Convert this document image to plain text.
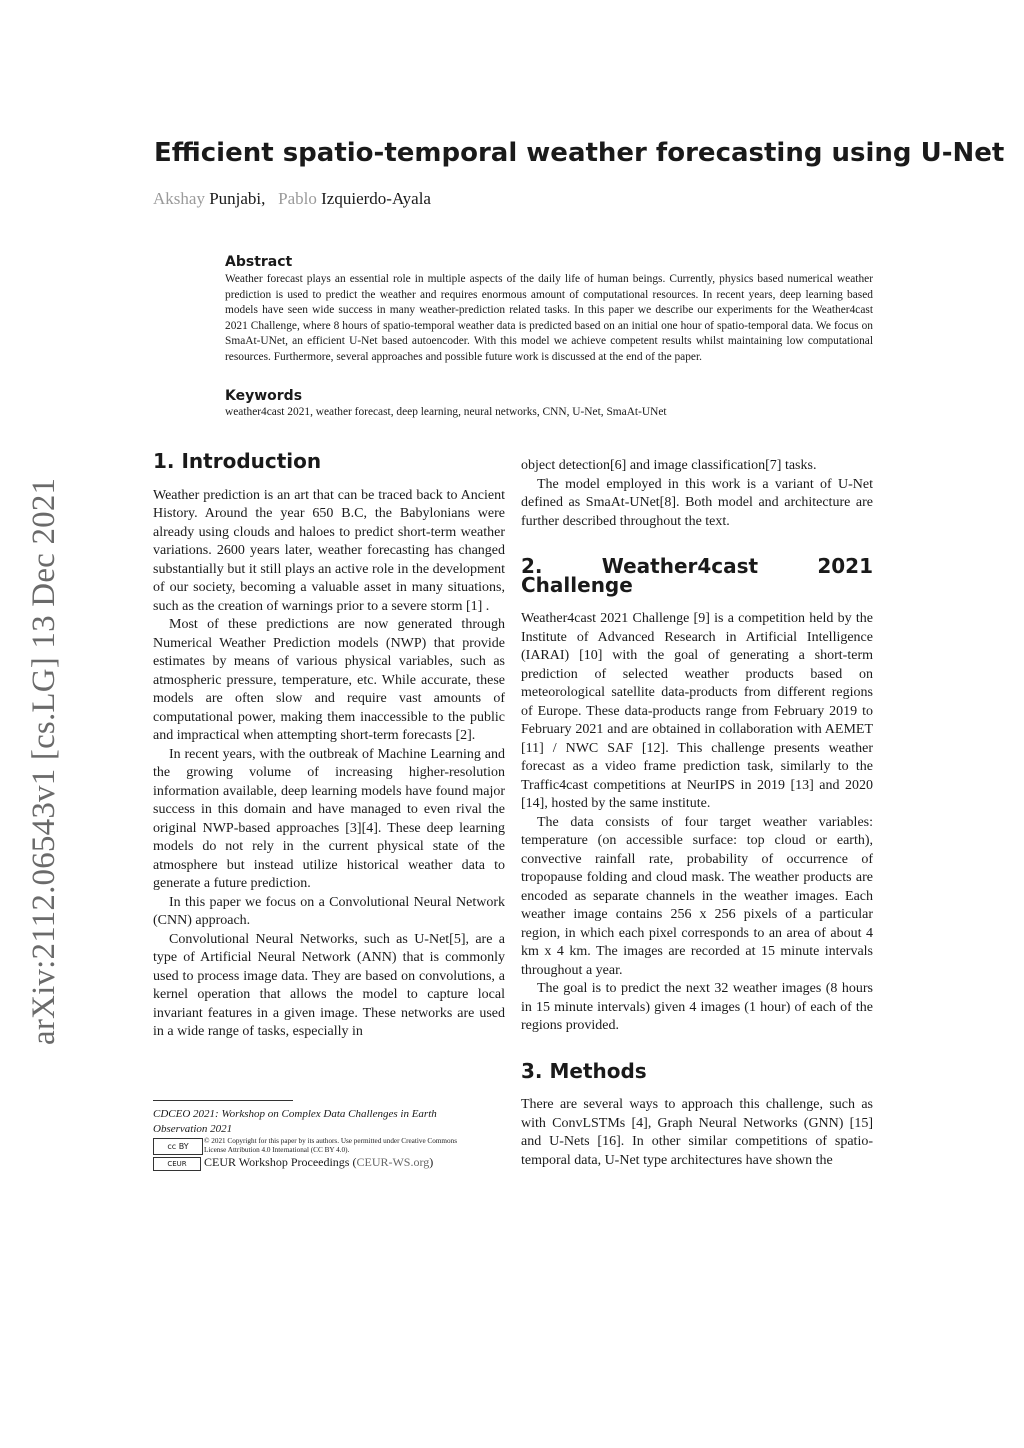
arXiv:2112.06543v1 [cs.LG] 13 Dec 2021
Efficient spatio-temporal weather forecasting using U-Net
Akshay Punjabi, Pablo Izquierdo-Ayala
Abstract

Weather forecast plays an essential role in multiple aspects of the daily life of human beings. Currently, physics based numerical weather prediction is used to predict the weather and requires enormous amount of computational resources. In recent years, deep learning based models have seen wide success in many weather-prediction related tasks. In this paper we describe our experiments for the Weather4cast 2021 Challenge, where 8 hours of spatio-temporal weather data is predicted based on an initial one hour of spatio-temporal data. We focus on SmaAt-UNet, an efficient U-Net based autoencoder. With this model we achieve competent results whilst maintaining low computational resources. Furthermore, several approaches and possible future work is discussed at the end of the paper.

Keywords

weather4cast 2021, weather forecast, deep learning, neural networks, CNN, U-Net, SmaAt-UNet

1. Introduction

Weather prediction is an art that can be traced back to Ancient History. Around the year 650 B.C, the Babylonians were already using clouds and haloes to predict short-term weather variations. 2600 years later, weather forecasting has changed substantially but it still plays an active role in the development of our society, becoming a valuable asset in many situations, such as the creation of warnings prior to a severe storm [1] .

Most of these predictions are now generated through Numerical Weather Prediction models (NWP) that provide estimates by means of various physical variables, such as atmospheric pressure, temperature, etc. While accurate, these models are often slow and require vast amounts of computational power, making them inaccessible to the public and impractical when attempting short-term forecasts [2].

In recent years, with the outbreak of Machine Learning and the growing volume of increasing higher-resolution information available, deep learning models have found major success in this domain and have managed to even rival the original NWP-based approaches [3][4]. These deep learning models do not rely in the current physical state of the atmosphere but instead utilize historical weather data to generate a future prediction.

In this paper we focus on a Convolutional Neural Network (CNN) approach.

Convolutional Neural Networks, such as U-Net[5], are a type of Artificial Neural Network (ANN) that is commonly used to process image data. They are based on convolutions, a kernel operation that allows the model to capture local invariant features in a given image. These networks are used in a wide range of tasks, especially in

object detection[6] and image classification[7] tasks.

The model employed in this work is a variant of U-Net defined as SmaAt-UNet[8]. Both model and architecture are further described throughout the text.

2. Weather4cast 2021 Challenge

Weather4cast 2021 Challenge [9] is a competition held by the Institute of Advanced Research in Artificial Intelligence (IARAI) [10] with the goal of generating a short-term prediction of selected weather products based on meteorological satellite data-products from different regions of Europe. These data-products range from February 2019 to February 2021 and are obtained in collaboration with AEMET [11] / NWC SAF [12]. This challenge presents weather forecast as a video frame prediction task, similarly to the Traffic4cast competitions at NeurIPS in 2019 [13] and 2020 [14], hosted by the same institute.

The data consists of four target weather variables: temperature (on accessible surface: top cloud or earth), convective rainfall rate, probability of occurrence of tropopause folding and cloud mask. The weather products are encoded as separate channels in the weather images. Each weather image contains 256 x 256 pixels of a particular region, in which each pixel corresponds to an area of about 4 km x 4 km. The images are recorded at 15 minute intervals throughout a year.

The goal is to predict the next 32 weather images (8 hours in 15 minute intervals) given 4 images (1 hour) of each of the regions provided.

3. Methods

There are several ways to approach this challenge, such as with ConvLSTMs [4], Graph Neural Networks (GNN) [15] and U-Nets [16]. In other similar competitions of spatio-temporal data, U-Net type architectures have shown the

CDCEO 2021: Workshop on Complex Data Challenges in Earth Observation 2021
cc BY
© 2021 Copyright for this paper by its authors. Use permitted under Creative Commons License Attribution 4.0 International (CC BY 4.0).
CEUR	CEUR Workshop Proceedings (CEUR-WS.org)
